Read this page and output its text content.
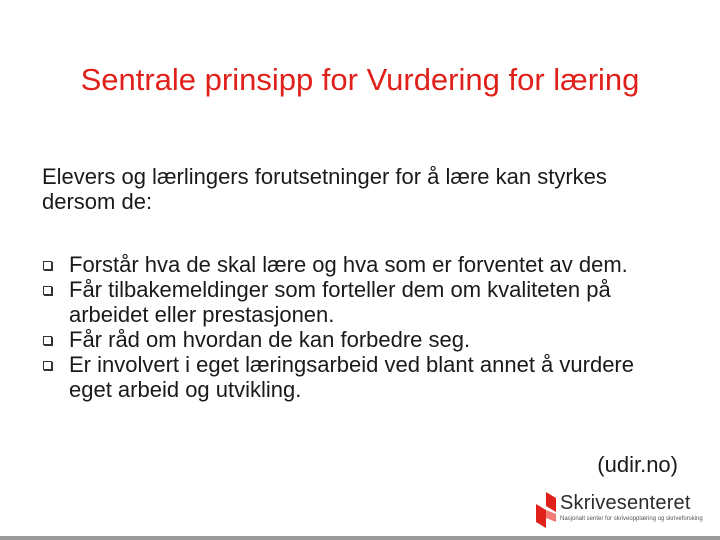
Sentrale prinsipp for Vurdering for læring
Elevers og lærlingers forutsetninger for å lære kan styrkes dersom de:
Forstår hva de skal lære og hva som er forventet av dem.
Får tilbakemeldinger som forteller dem om kvaliteten på arbeidet eller prestasjonen.
Får råd om hvordan de kan forbedre seg.
Er involvert i eget læringsarbeid ved blant annet å vurdere eget arbeid og utvikling.
(udir.no)
Skrivesenteret
Nasjonalt senter for skriveopplæring og skriveforsking
